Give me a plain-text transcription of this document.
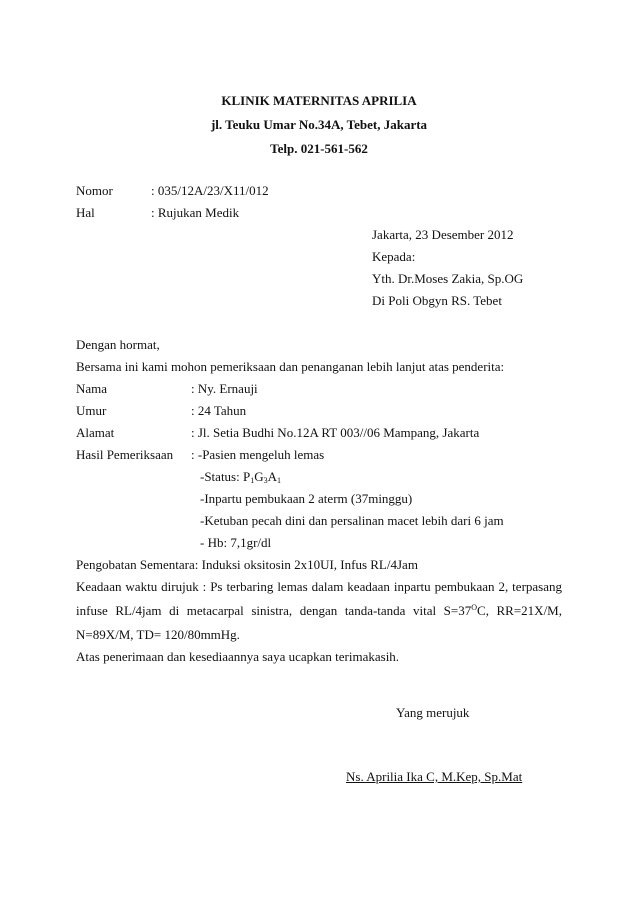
KLINIK MATERNITAS APRILIA
jl. Teuku Umar No.34A, Tebet, Jakarta
Telp. 021-561-562
Nomor	: 035/12A/23/X11/012
Hal	: Rujukan Medik
Jakarta, 23 Desember 2012
Kepada:
Yth. Dr.Moses Zakia, Sp.OG
Di Poli Obgyn RS. Tebet
Dengan hormat,
Bersama ini kami mohon pemeriksaan dan penanganan lebih lanjut atas penderita:
Nama	: Ny. Ernauji
Umur	: 24 Tahun
Alamat	: Jl. Setia Budhi No.12A RT 003//06 Mampang, Jakarta
Hasil Pemeriksaan : -Pasien mengeluh lemas
-Status: $P_1G_3A_1$
-Inpartu pembukaan 2 aterm (37minggu)
-Ketuban pecah dini dan persalinan macet lebih dari 6 jam
- Hb: 7,1gr/dl
Pengobatan Sementara: Induksi oksitosin 2x10UI, Infus RL/4Jam
Keadaan waktu dirujuk : Ps terbaring lemas dalam keadaan inpartu pembukaan 2, terpasang
infuse RL/4jam di metacarpal sinistra, dengan tanda-tanda vital $S=37^OC$, RR=21X/M,
N=89X/M, TD= 120/80mmHg.
Atas penerimaan dan kesediaannya saya ucapkan terimakasih.
Yang merujuk
Ns. Aprilia Ika C, M.Kep, Sp.Mat
